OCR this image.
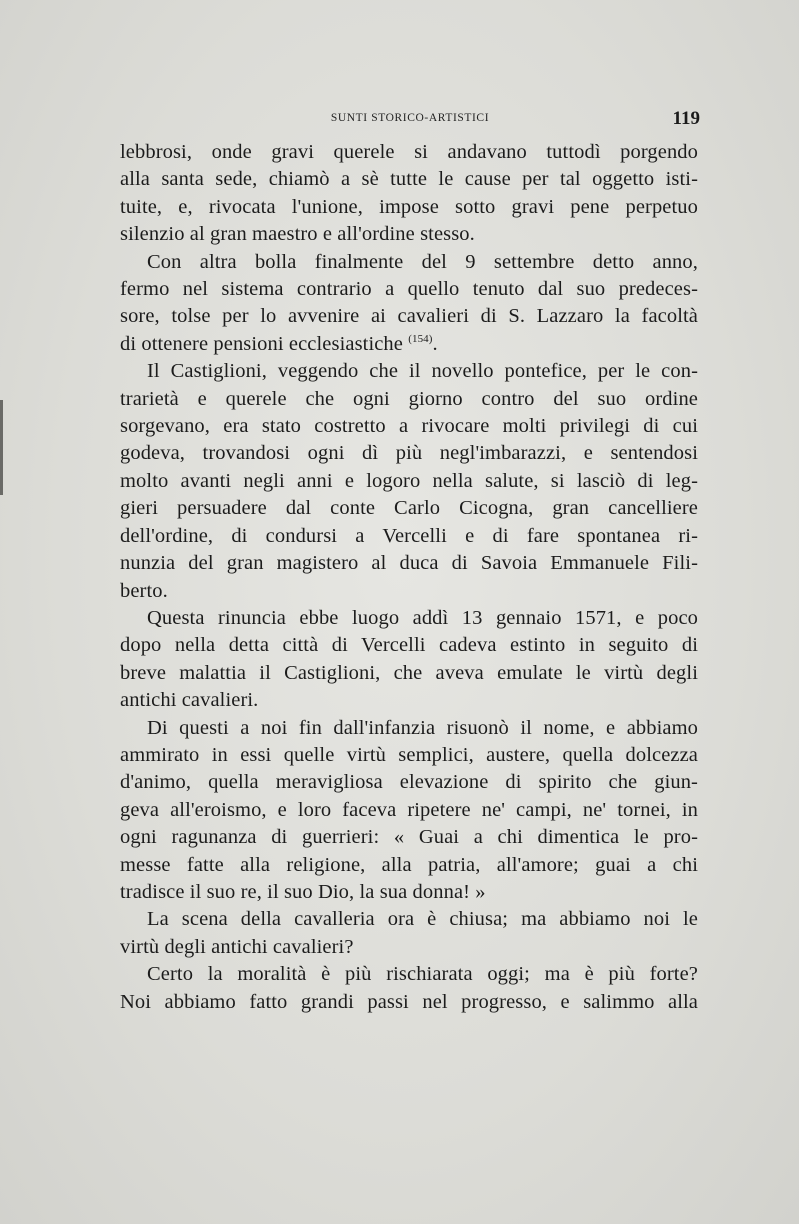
SUNTI STORICO-ARTISTICI	119
lebbrosi, onde gravi querele si andavano tuttodì porgendo
alla santa sede, chiamò a sè tutte le cause per tal oggetto isti-
tuite, e, rivocata l'unione, impose sotto gravi pene perpetuo
silenzio al gran maestro e all'ordine stesso.
Con altra bolla finalmente del 9 settembre detto anno,
fermo nel sistema contrario a quello tenuto dal suo predeces-
sore, tolse per lo avvenire ai cavalieri di S. Lazzaro la facoltà
di ottenere pensioni ecclesiastiche $^{(154)}$.
Il Castiglioni, veggendo che il novello pontefice, per le con-
trarietà e querele che ogni giorno contro del suo ordine
sorgevano, era stato costretto a rivocare molti privilegi di cui
godeva, trovandosi ogni dì più negl'imbarazzi, e sentendosi
molto avanti negli anni e logoro nella salute, si lasciò di leg-
gieri persuadere dal conte Carlo Cicogna, gran cancelliere
dell'ordine, di condursi a Vercelli e di fare spontanea ri-
nunzia del gran magistero al duca di Savoia Emmanuele Fili-
berto.
Questa rinuncia ebbe luogo addì 13 gennaio 1571, e poco
dopo nella detta città di Vercelli cadeva estinto in seguito di
breve malattia il Castiglioni, che aveva emulate le virtù degli
antichi cavalieri.
Di questi a noi fin dall'infanzia risuonò il nome, e abbiamo
ammirato in essi quelle virtù semplici, austere, quella dolcezza
d'animo, quella meravigliosa elevazione di spirito che giun-
geva all'eroismo, e loro faceva ripetere ne' campi, ne' tornei, in
ogni ragunanza di guerrieri: « Guai a chi dimentica le pro-
messe fatte alla religione, alla patria, all'amore; guai a chi
tradisce il suo re, il suo Dio, la sua donna! »
La scena della cavalleria ora è chiusa; ma abbiamo noi le
virtù degli antichi cavalieri?
Certo la moralità è più rischiarata oggi; ma è più forte?
Noi abbiamo fatto grandi passi nel progresso, e salimmo alla
